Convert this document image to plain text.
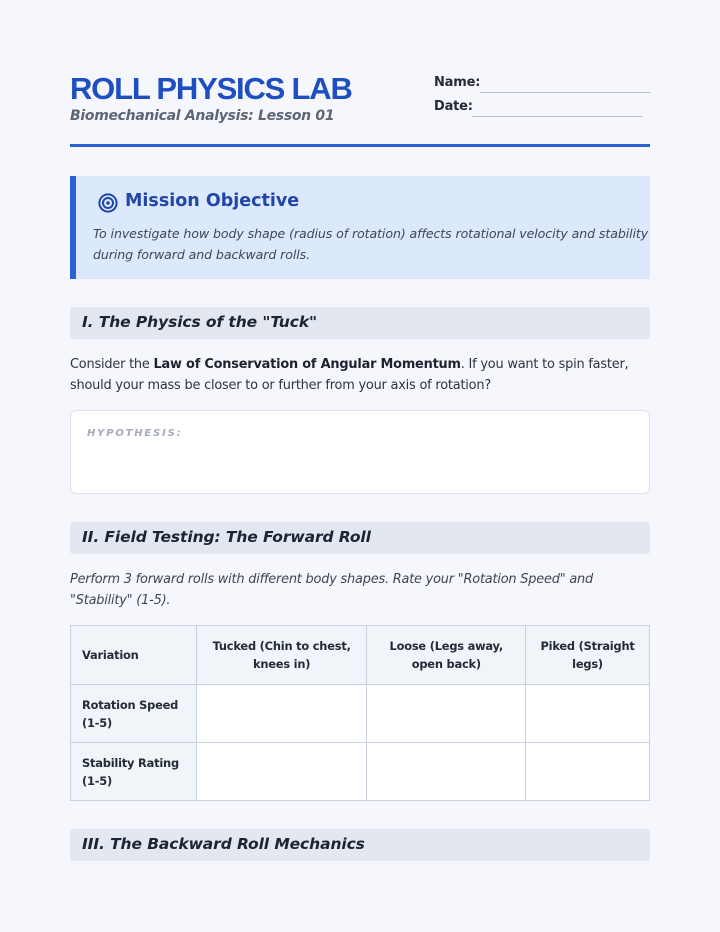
ROLL PHYSICS LAB
Biomechanical Analysis: Lesson 01
Name:
Date:
Mission Objective
To investigate how body shape (radius of rotation) affects rotational velocity and stability during forward and backward rolls.
I. The Physics of the "Tuck"
Consider the Law of Conservation of Angular Momentum. If you want to spin faster, should your mass be closer to or further from your axis of rotation?
HYPOTHESIS:
II. Field Testing: The Forward Roll
Perform 3 forward rolls with different body shapes. Rate your "Rotation Speed" and "Stability" (1-5).
Variation	Tucked (Chin to chest, knees in)	Loose (Legs away, open back)	Piked (Straight legs)
Rotation Speed (1-5)			
Stability Rating (1-5)			
III. The Backward Roll Mechanics
